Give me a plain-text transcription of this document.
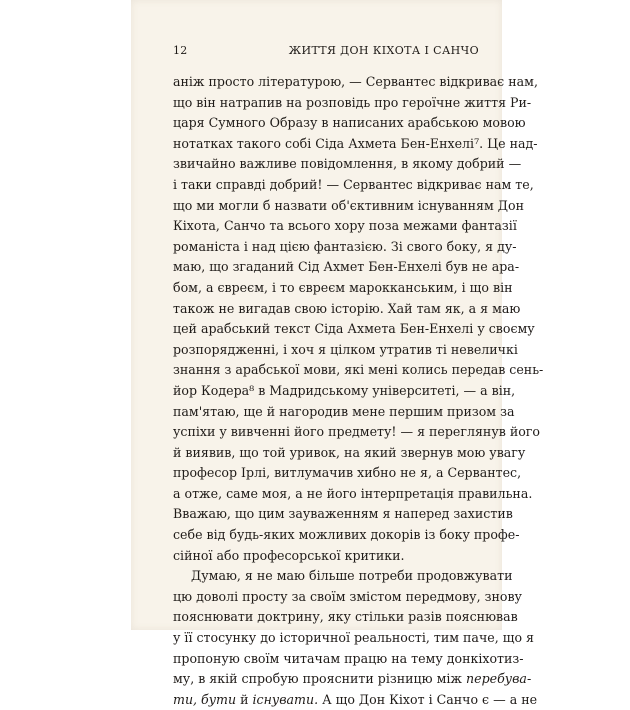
12	ЖИТТЯ ДОН КІХОТА І САНЧО
аніж просто літературою, — Сервантес відкриває нам,
що він натрапив на розповідь про героїчне життя Ри-
царя Сумного Образу в написаних арабською мовою
нотатках такого собі Сіда Ахмета Бен-Енхелі⁷. Це над-
звичайно важливе повідомлення, в якому добрий —
і таки справді добрий! — Сервантес відкриває нам те,
що ми могли б назвати об'єктивним існуванням Дон
Кіхота, Санчо та всього хору поза межами фантазії
романіста і над цією фантазією. Зі свого боку, я ду-
маю, що згаданий Сід Ахмет Бен-Енхелі був не ара-
бом, а євреєм, і то євреєм марокканським, і що він
також не вигадав свою історію. Хай там як, а я маю
цей арабський текст Сіда Ахмета Бен-Енхелі у своєму
розпорядженні, і хоч я цілком утратив ті невеличкі
знання з арабської мови, які мені колись передав сень-
йор Кодера⁸ в Мадридському університеті, — а він,
пам'ятаю, ще й нагородив мене першим призом за
успіхи у вивченні його предмету! — я переглянув його
й виявив, що той уривок, на який звернув мою увагу
професор Ірлі, витлумачив хибно не я, а Сервантес,
а отже, саме моя, а не його інтерпретація правильна.
Вважаю, що цим зауваженням я наперед захистив
себе від будь-яких можливих докорів із боку профе-
сійної або професорської критики.
Думаю, я не маю більше потреби продовжувати
цю доволі просту за своїм змістом передмову, знову
пояснювати доктрину, яку стільки разів пояснював
у її стосунку до історичної реальності, тим паче, що я
пропоную своїм читачам працю на тему донкіхотиз-
му, в якій спробую прояснити різницю між перебува-
ти, бути й існувати. А що Дон Кіхот і Санчо є — а не
